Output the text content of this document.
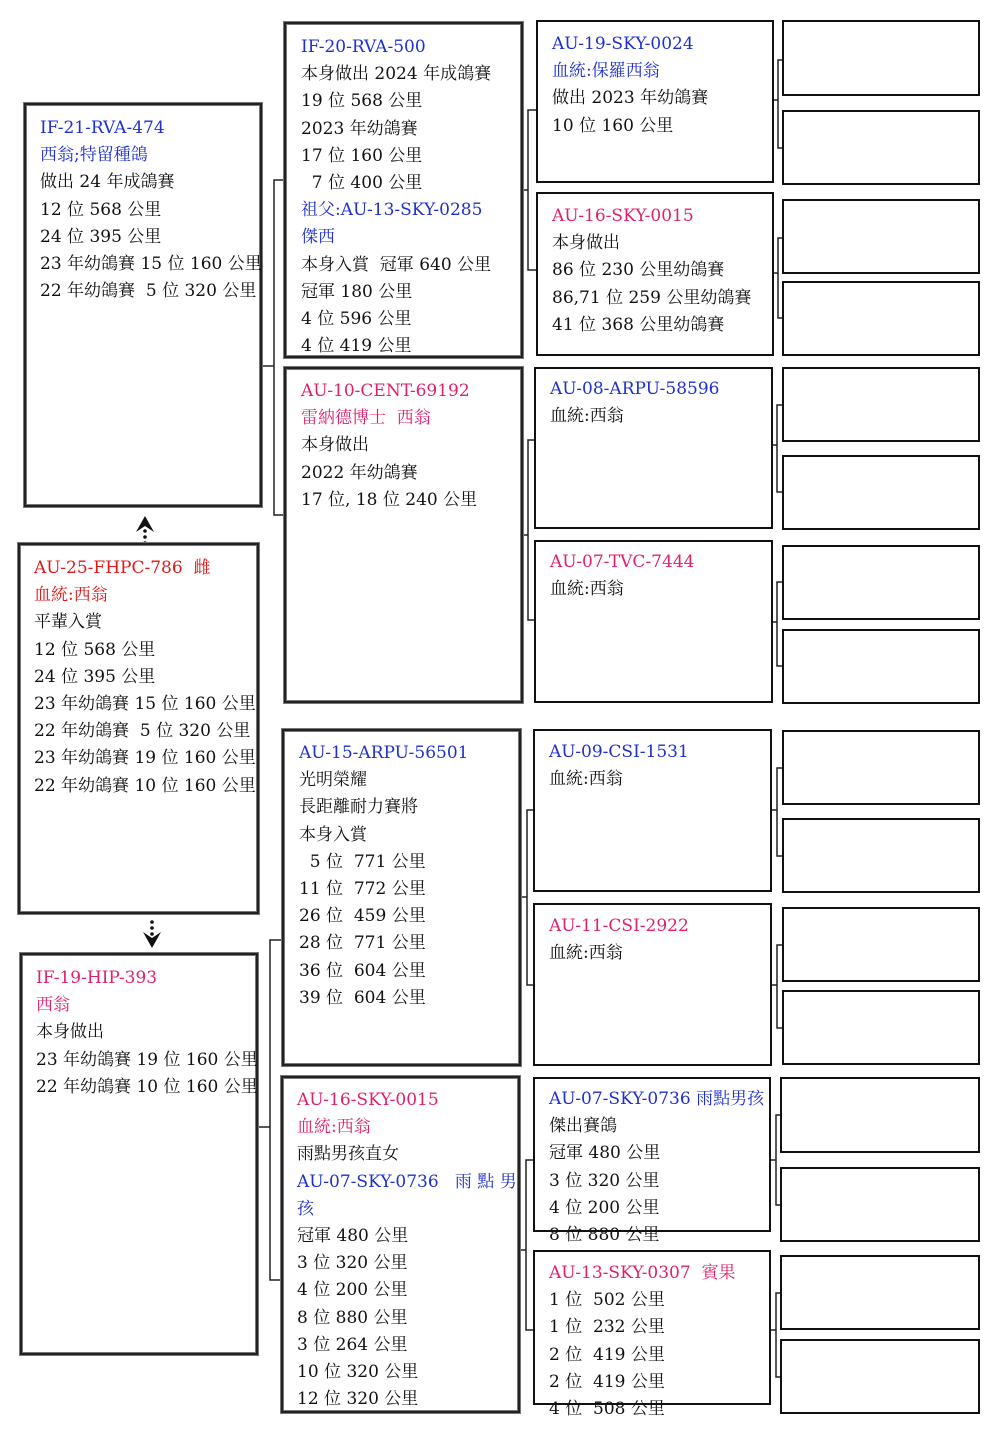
IF-21-RVA-474
西翁;特留種鴿
做出 24 年成鴿賽
12 位 568 公里
24 位 395 公里
23 年幼鴿賽 15 位 160 公里
22 年幼鴿賽  5 位 320 公里
AU-25-FHPC-786  雌
血統:西翁
平輩入賞
12 位 568 公里
24 位 395 公里
23 年幼鴿賽 15 位 160 公里
22 年幼鴿賽  5 位 320 公里
23 年幼鴿賽 19 位 160 公里
22 年幼鴿賽 10 位 160 公里
IF-19-HIP-393
西翁
本身做出
23 年幼鴿賽 19 位 160 公里
22 年幼鴿賽 10 位 160 公里
IF-20-RVA-500
本身做出 2024 年成鴿賽
19 位 568 公里
2023 年幼鴿賽
17 位 160 公里
7 位 400 公里
祖父:AU-13-SKY-0285
傑西
本身入賞  冠軍 640 公里
冠軍 180 公里
4 位 596 公里
4 位 419 公里
AU-10-CENT-69192
雷納德博士  西翁
本身做出
2022 年幼鴿賽
17 位, 18 位 240 公里
AU-15-ARPU-56501
光明榮耀
長距離耐力賽將
本身入賞
5 位  771 公里
11 位  772 公里
26 位  459 公里
28 位  771 公里
36 位  604 公里
39 位  604 公里
AU-16-SKY-0015
血統:西翁
雨點男孩直女
AU-07-SKY-0736   雨 點 男
孩
冠軍 480 公里
3 位 320 公里
4 位 200 公里
8 位 880 公里
3 位 264 公里
10 位 320 公里
12 位 320 公里
AU-19-SKY-0024
血統:保羅西翁
做出 2023 年幼鴿賽
10 位 160 公里
AU-16-SKY-0015
本身做出
86 位 230 公里幼鴿賽
86,71 位 259 公里幼鴿賽
41 位 368 公里幼鴿賽
AU-08-ARPU-58596
血統:西翁
AU-07-TVC-7444
血統:西翁
AU-09-CSI-1531
血統:西翁
AU-11-CSI-2922
血統:西翁
AU-07-SKY-0736 雨點男孩
傑出賽鴿
冠軍 480 公里
3 位 320 公里
4 位 200 公里
8 位 880 公里
AU-13-SKY-0307  賓果
1 位  502 公里
1 位  232 公里
2 位  419 公里
2 位  419 公里
4 位  508 公里
